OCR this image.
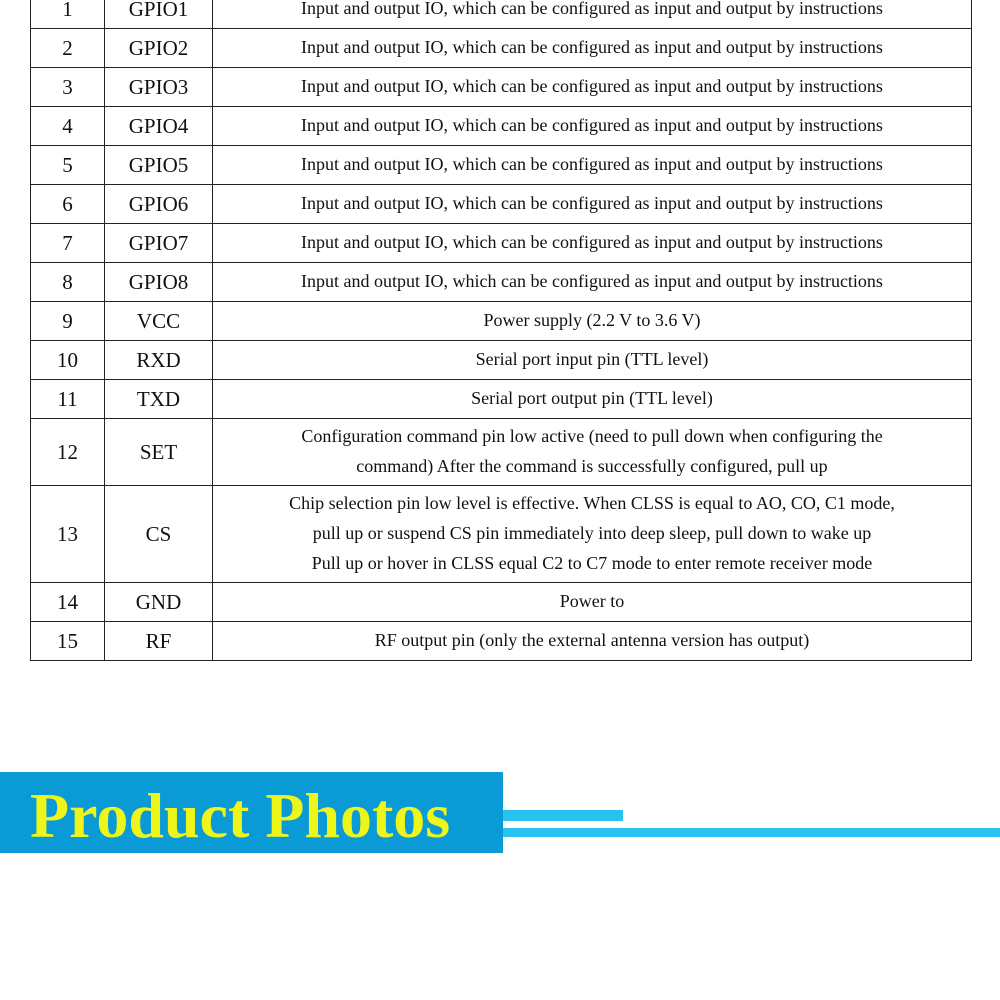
1	GPIO1	Input and output IO, which can be configured as input and output by instructions

2	GPIO2	Input and output IO, which can be configured as input and output by instructions

3	GPIO3	Input and output IO, which can be configured as input and output by instructions

4	GPIO4	Input and output IO, which can be configured as input and output by instructions

5	GPIO5	Input and output IO, which can be configured as input and output by instructions

6	GPIO6	Input and output IO, which can be configured as input and output by instructions

7	GPIO7	Input and output IO, which can be configured as input and output by instructions

8	GPIO8	Input and output IO, which can be configured as input and output by instructions

9	VCC	Power supply (2.2 V to 3.6 V)

10	RXD	Serial port input pin (TTL level)

11	TXD	Serial port output pin (TTL level)

12	SET	Configuration command pin low active (need to pull down when configuring the
command) After the command is successfully configured, pull up

13	CS	Chip selection pin low level is effective. When CLSS is equal to AO, CO, C1 mode,
pull up or suspend CS pin immediately into deep sleep, pull down to wake up
Pull up or hover in CLSS equal C2 to C7 mode to enter remote receiver mode

14	GND	Power to

15	RF	RF output pin (only the external antenna version has output)
Product Photos
